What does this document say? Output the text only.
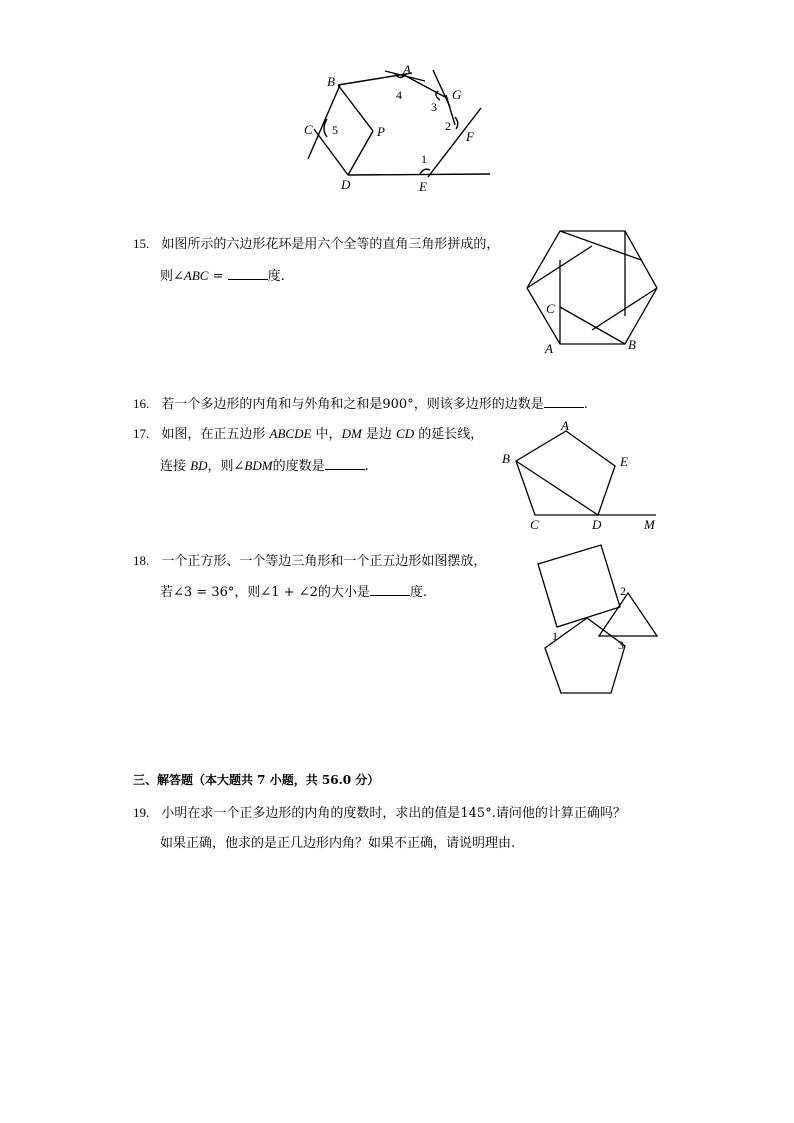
B
A
G
F
E
D
C	P
4
3
2
1
5
15. 如图所示的六边形花环是用六个全等的直角三角形拼成的，
则∠ABC =	度.
C
A	B
16. 若一个多边形的内角和与外角和之和是900°，则该多边形的边数是	.
17. 如图，在正五边形 ABCDE 中，DM 是边 CD 的延长线，
连接 BD，则∠BDM的度数是	.
A
B	E
C	D	M
18. 一个正方形、一个等边三角形和一个正五边形如图摆放，
若∠3 = 36°，则∠1 + ∠2的大小是	度.
1
2
3
三、解答题（本大题共 7 小题，共 56.0 分）
19. 小明在求一个正多边形的内角的度数时，求出的值是145°.请问他的计算正确吗？
如果正确，他求的是正几边形内角？如果不正确，请说明理由.
